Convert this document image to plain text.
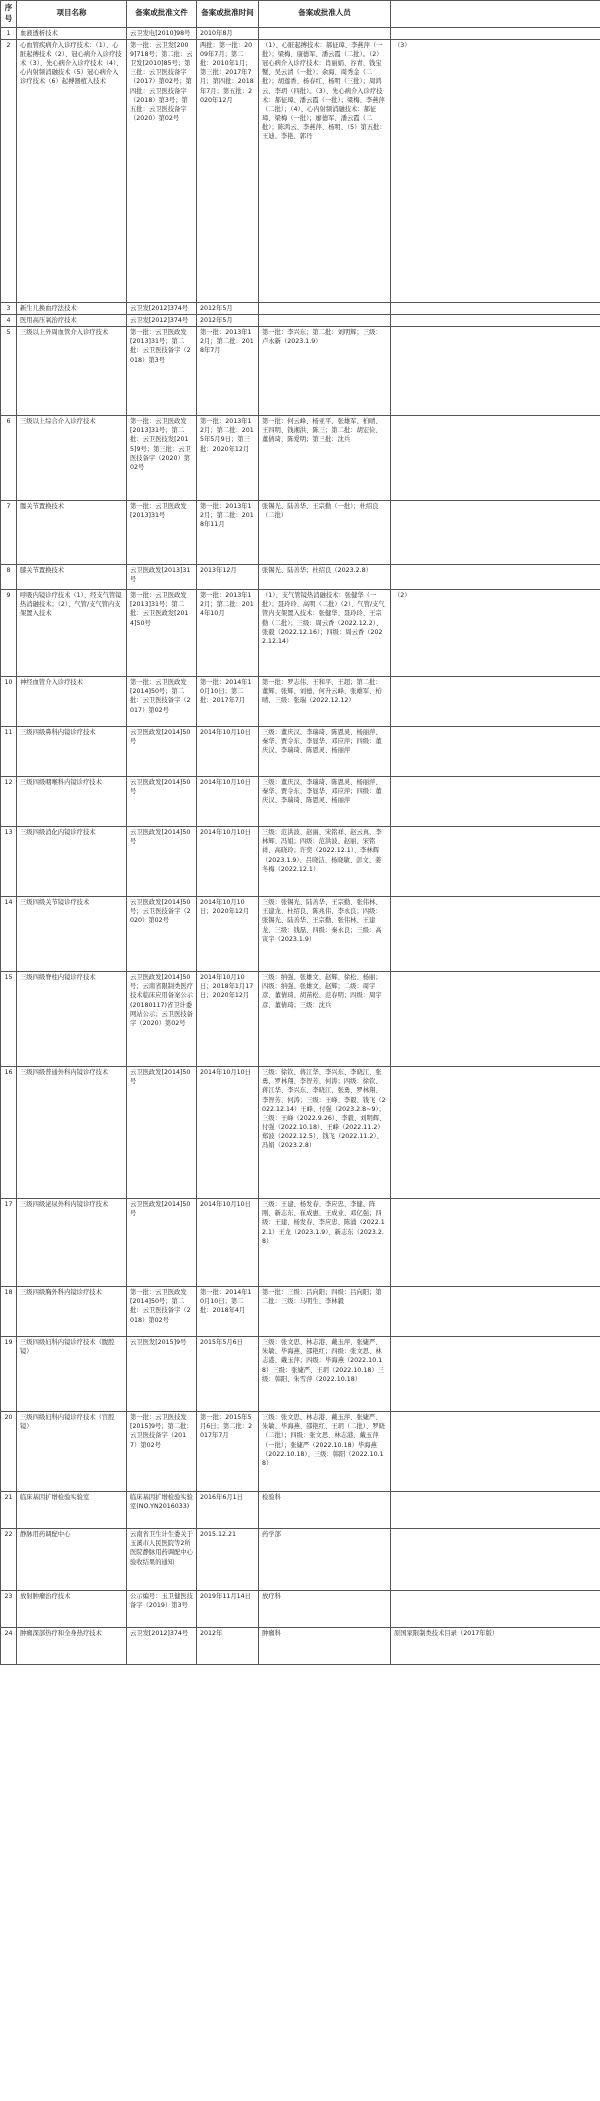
序号	项目名称	备案或批准文件	备案或批准时间	备案或批准人员	
1	血液透析技术	云卫发电[2010]98号	2010年8月		
2	心血管疾病介入诊疗技术：（1）、心脏起搏技术（2）、冠心病介入诊疗技术（3）、先心病介入诊疗技术（4）、心内射频消融技术（5）冠心病介入诊疗技术（6）起搏器植入技术	第一批：云卫发[2009]718号；第二批：云卫发[2010]85号；第三批：云卫医技备字（2017）第02号；第四批：云卫医技备字（2018）第3号；第五批：云卫医技备字（2020）第02号	两批：第一批：2009年7月；第二批：2010年1月；第三批：2017年7月；第四批：2018年7月；第五批：2020年12月	（1）、心脏起搏技术：郝征璋、李燕萍（一批）；梁梅、康德军、潘云霞（二批）。（2）冠心病介入诊疗技术：肖丽娟、谷青、钱宝蟹、吴云清（一批）；余海、周秀金（二批）；胡莲香、杨春红、杨明（三批）；周鸿云、李玥（四批）。（3）、先心病介入诊疗技术：郝征璋、潘云霞（一批）；梁梅、李燕萍（二批）；（4）、心内射频消融技术：郝征璋、梁梅（一批）；廖德军、潘云霞（二批）；陈鸿云、李燕萍、杨明、（5）第五批：王迪、李艳、郭丹	（3）
3	新生儿换血疗法技术	云卫发[2012]374号	2012年5月		
4	医用高压氧治疗技术	云卫发[2012]374号	2012年5月		
5	三级以上外周血管介入诊疗技术	第一批：云卫医政发[2013]31号；第二批：云卫医技备字（2018）第3号	第一批：2013年12月；第二批：2018年7月	第一批：李兴东；第二批：刘明辉；三级：卢永新（2023.1.9）	
6	三级以上综合介入诊疗技术	第一批：云卫医政发[2013]31号；第二批：云卫医技发[2015]9号；第三批：云卫医技备字（2020）第02号	第一批：2013年12月；第二批：2015年5月9日；第三批：2020年12月	第一批：何云峰、杨亚平、张雄军、柏晴、王四明、钱湘洪、陈三；第二批：胡宏俭、董倩琦、陈爱明；第三批：沈兵	
7	髋关节置换技术	第一批：云卫医政发[2013]31号	第一批：2013年12月；第二批：2018年11月	张锡光、陆善华、王宗勤（一批）；杜绍良（二批）	
8	膝关节置换技术	云卫医政发[2013]31号	2013年12月	张锡光、陆善华；杜绍良（2023.2.8）	
9	呼吸内镜诊疗技术（1）、经支气管镜热消融技术；（2）、气管/支气管内支架置入技术	第一批：云卫医政发[2013]31号；第二批：云卫医政发[2014]50号	第一批：2013年12月；第二批：2014年10月	（1）、支气管镜热消融技术：张健华（一批）；聂玲玲、高明（二批）（2）、气管/支气管内支架置入技术：张健华、聂玲玲、王宗勤（二批）；三级：周云香（2022.12.2）、张毅（2022.12.16）；四级：周云香（2022.12.14）	（2）
10	神经血管介入诊疗技术	第一批：云卫医政发[2014]50号；第二批：云卫医技备字（2017）第02号	第一批：2014年10月10日；第二批：2017年7月	第一批：罗志伟、王和平、王超；第二批：董辉、张辉、刘德、何升云峰、张雄军、柏晴、三级：张瑞（2022.12.12）	
11	三级四级鼻科内镜诊疗技术	云卫医政发[2014]50号	2014年10月10日	三级：董庆汉、李瑞琦、陈恩灵、杨丽萍、秦华、贾令东、李显华、邓应萍；四级：董庆汉、李瑞琦、陈恩灵、杨丽萍	
12	三级四级咽喉科内镜诊疗技术	云卫医政发[2014]50号	2014年10月10日	三级：董庆汉、李瑞琦、陈恩灵、杨丽萍、秦华、贾令东、李显华、邓应萍；四级：董庆汉、李瑞琦、陈恩灵、杨丽萍	
13	三级四级消化内镜诊疗技术	云卫医政发[2014]50号	2014年10月10日	三级：范洪波、赵丽、宋铭祥、赵云真、李林辉、冯姐；四级：范洪波、赵丽、宋铭祥、高晓玲；许奕（2022.12.1）、李林辉（2023.1.9）、吕晓洁、杨晓敏、彭文、姜冬梅（2022.12.1）	
14	三级四级关节镜诊疗技术	云卫医政发[2014]50号；云卫医技备字（2020）第02号	2014年10月10日；2020年12月	三级：张锡光、陆善华、王宗勤、张伟林、王建龙、杜绍良、陈兆伟、李永良；四级：张锡光、陆善华、王宗勤、张伟林、王建龙、三级：钱磊、四级：秦永良；三级：高寅宇（2023.1.9）	
15	三级四级脊柱内镜诊疗技术	云卫医政发[2014]50号；云南省限制类医疗技术临床应用备案公示(20180117)省卫计委网站公示；云卫医技备字（2020）第02号	2014年10月10日；2018年1月17日；2020年12月	三级：纳强、张雄文、赵辉、徐松、杨丽；四级：纳强、张雄文、赵辉；二级：周宇彦、董倩琦、胡苗松、范春明；四级：周宇彦、董倩琦；三级：沈兵	
16	三级四级普通外科内镜诊疗技术	云卫医政发[2014]50号	2014年10月10日	三级：徐钦、蒋江华、李兴东、李晓江、张勇、罗林翔、李智芳、何涛；四级：徐钦、蒋江华、李兴东、李晓江、张勇、罗林翔、李智芳、何涛；三级：王峰、李毅、钱飞（2022.12.14）王峰、付强（2023.2.8~9）；三级：王峰（2022.9.26）、李毅、刘明辉、付强（2022.10.18）、王峰（2022.11.2）郑波（2022.12.5）、钱飞（2022.11.2）、冯娟（2023.2.8）	
17	三级四级泌尿外科内镜诊疗技术	云卫医政发[2014]50号	2014年10月10日	三级：王建、杨发春、李应忠、李健、阵刚、新志东、崔成惠、王成业、邓亿强；四级：王建、杨发春、李应忠、陈涌（2022.12.1）王龙（2023.1.9）、新志东（2023.2.8）	
18	三级四级胸外科内镜诊疗技术	第一批：云卫医政发[2014]50号；第二批：云卫医技备字（2018）第02号	第一批：2014年10月10日；第二批：2018年4月	第一批：三级：吕向阳；四级：吕向阳；第二批：三级：马明生、李林毅	
19	三级四级妇科内镜诊疗技术（腹腔镜）	云卫医发[2015]9号	2015年5月6日	三级：张文思、林志港、戴玉萍、张婕严、朱敏、毕海燕、邵艳红；四级：张文思、林志港、戴玉萍；四级：毕海燕（2022.10.18）三级：张婕严、王玥（2022.10.18）三级：韩阳、朱雪萍（2022.10.18）	
20	三级四级妇科内镜诊疗技术（宫腔镜）	第一批：云卫医技发[2015]9号；第二批：云卫医技备字（2017）第02号	第一批：2015年5月6日；第二批：2017年7月	三级：张文思、林志港、戴玉萍、张婕严、朱敏、毕海燕、邵艳红、王玥（二批）、罗晓（二批）；四级：张文思、林志港、戴玉萍（一批）；张婕严（2022.10.18）毕海燕（2022.10.18）、三级：韩阳（2022.10.18）	
21	临床基因扩增检验实验室	临床基因扩增检验实验室(NO.YN2016033)	2016年6月1日	检验科	
22	静脉用药调配中心	云南省卫生计生委关于玉溪市人民医院等2所医院静脉用药调配中心验收结果的通知	2015.12.21	药学部	
23	放射肿瘤治疗技术	公示编号：玉卫健医技备字（2019）第3号	2019年11月14日	放疗科	
24	肿瘤深部热疗和全身热疗技术	云卫发[2012]374号	2012年	肿瘤科	原国家限制类技术目录（2017年版）
